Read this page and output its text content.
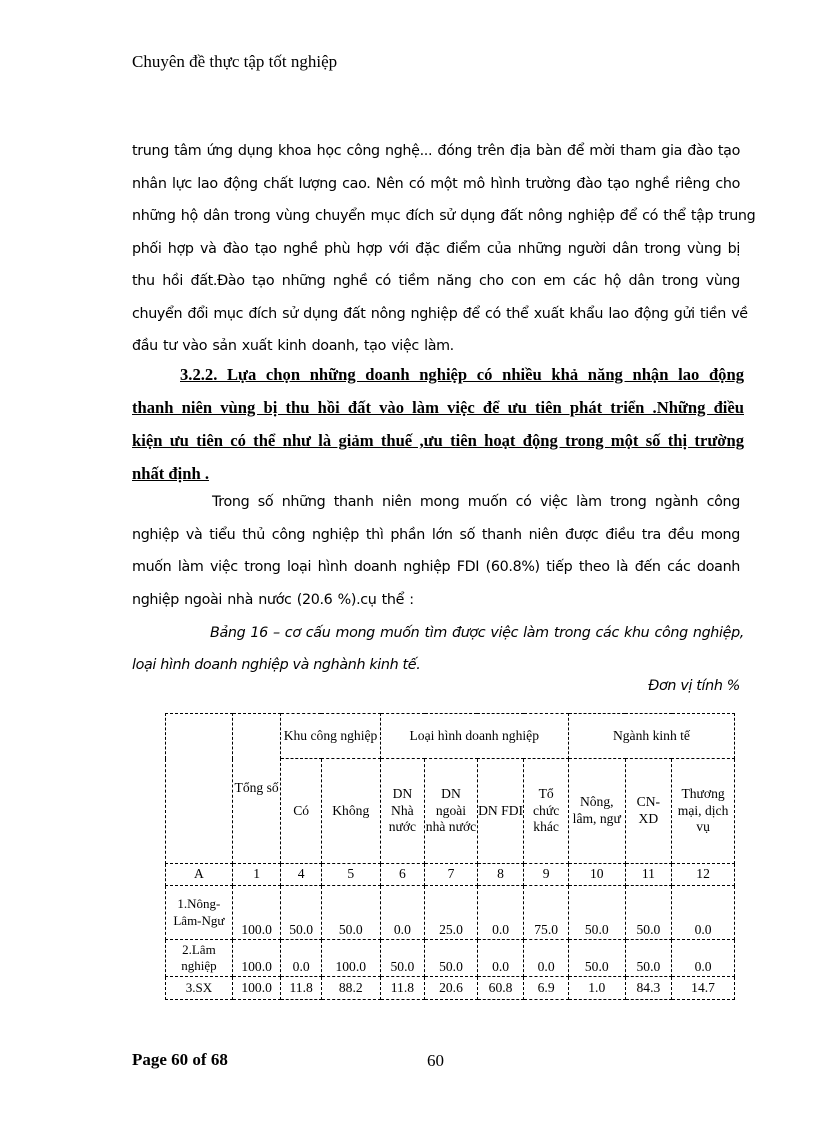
Chuyên đề thực tập tốt nghiệp
trung tâm ứng dụng khoa học công nghệ... đóng trên địa bàn để mời tham gia đào tạo
nhân lực lao động chất lượng cao. Nên có một mô hình trường đào tạo nghề riêng cho
những hộ dân trong vùng chuyển mục đích sử dụng đất nông nghiệp để có thể tập trung
phối hợp và đào tạo nghề phù hợp với đặc điểm của những người dân trong vùng bị
thu hồi đất.Đào tạo những nghề có tiềm năng cho con em các hộ dân trong vùng
chuyển đổi mục đích sử dụng đất nông nghiệp để có thể xuất khẩu lao động gửi tiền về
đầu tư vào sản xuất kinh doanh, tạo việc làm.
3.2.2. Lựa chọn những doanh nghiệp có nhiều khả năng nhận lao động
thanh niên vùng bị thu hồi đất vào làm việc để ưu tiên phát triển .Những điều
kiện ưu tiên có thể như là giảm thuế ,ưu tiên hoạt động trong một số thị trường
nhất định .
Trong số những thanh niên mong muốn có việc làm trong ngành công
nghiệp và tiểu thủ công nghiệp thì phần lớn số thanh niên được điều tra đều mong
muốn làm việc trong loại hình doanh nghiệp FDI (60.8%) tiếp theo là đến các doanh
nghiệp ngoài nhà nước (20.6 %).cụ thể :
Bảng 16 – cơ cấu mong muốn tìm được việc làm trong các khu công nghiệp,
loại hình doanh nghiệp và nghành kinh tế.
Đơn vị tính %
	Tổng số	Khu công nghiệp		Loại hình doanh nghiệp				Ngành kinh tế		
		Có	Không	DN Nhà nước	DN ngoài nhà nước	DN FDI	Tổ chức khác	Nông, lâm, ngư	CN- XD	Thương mại, dịch vụ
A	1	4	5	6	7	8	9	10	11	12
1.Nông-Lâm-Ngư	100.0	50.0	50.0	0.0	25.0	0.0	75.0	50.0	50.0	0.0
2.Lâm nghiệp	100.0	0.0	100.0	50.0	50.0	0.0	0.0	50.0	50.0	0.0
3.SX	100.0	11.8	88.2	11.8	20.6	60.8	6.9	1.0	84.3	14.7
Page 60 of 68	60
